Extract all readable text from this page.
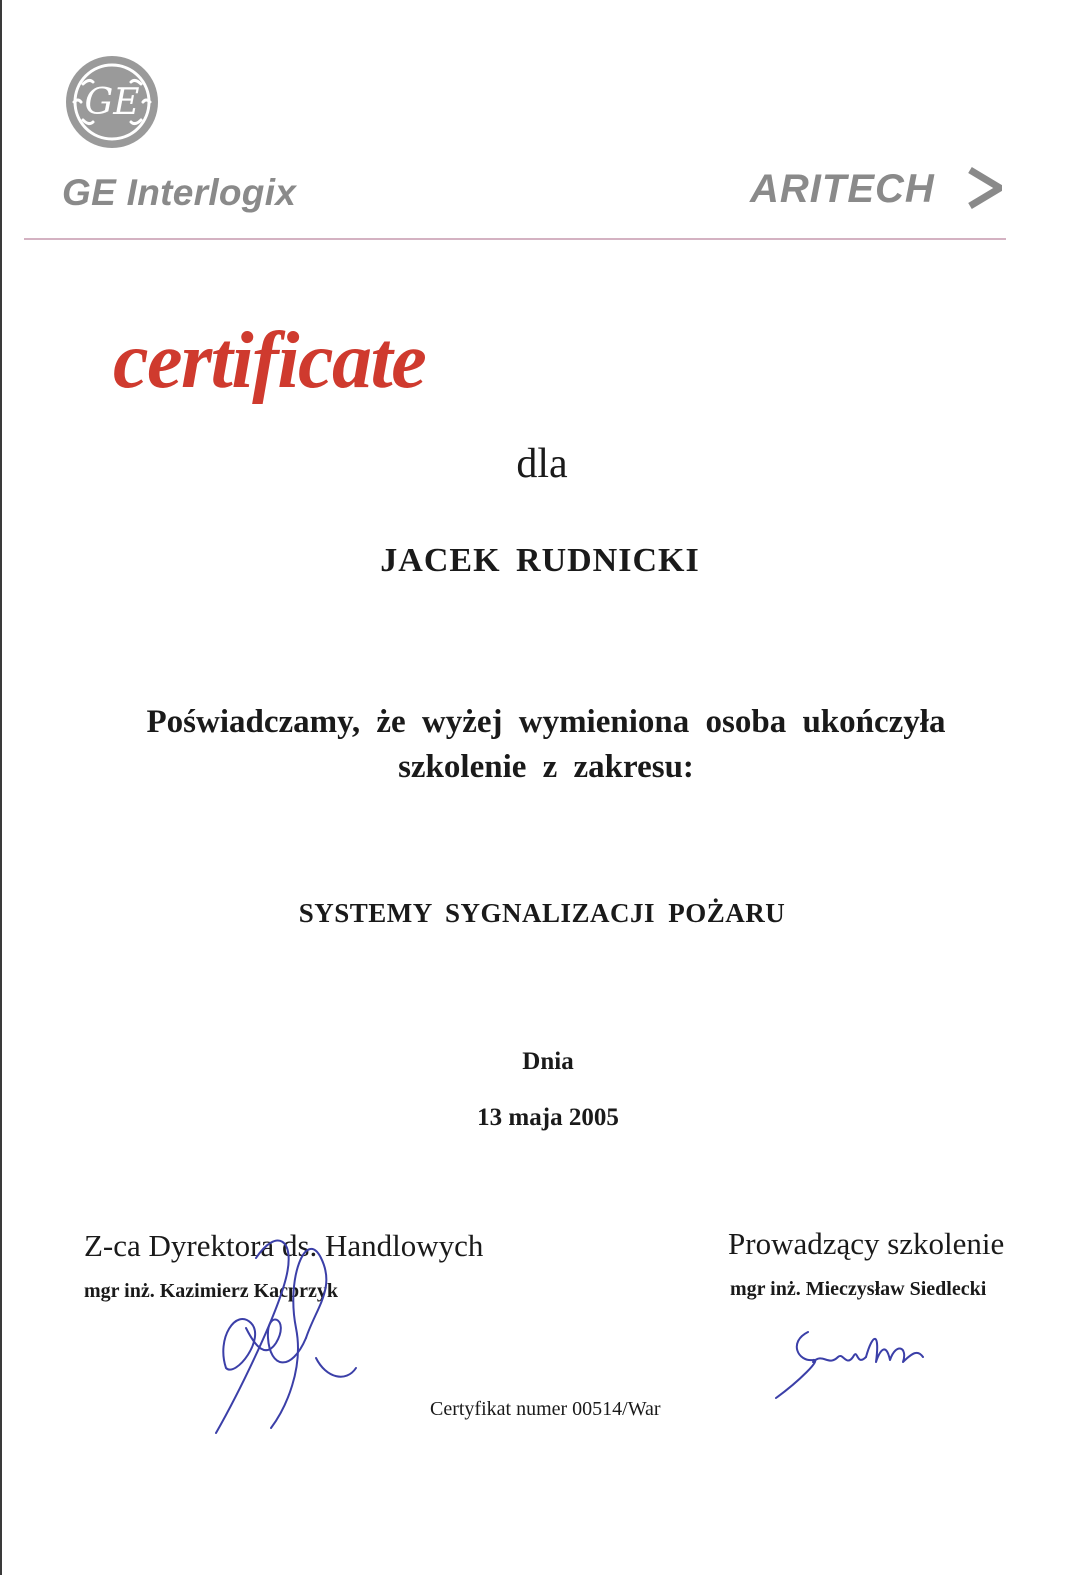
GE
GE Interlogix	ARITECH
certificate
dla
JACEK RUDNICKI
Poświadczamy, że wyżej wymieniona osoba ukończyła szkolenie z zakresu:
SYSTEMY SYGNALIZACJI POŻARU
Dnia
13 maja 2005
Z-ca Dyrektora ds. Handlowych
mgr inż. Kazimierz Kacprzyk
Prowadzący szkolenie
mgr inż. Mieczysław Siedlecki
Certyfikat numer 00514/War
